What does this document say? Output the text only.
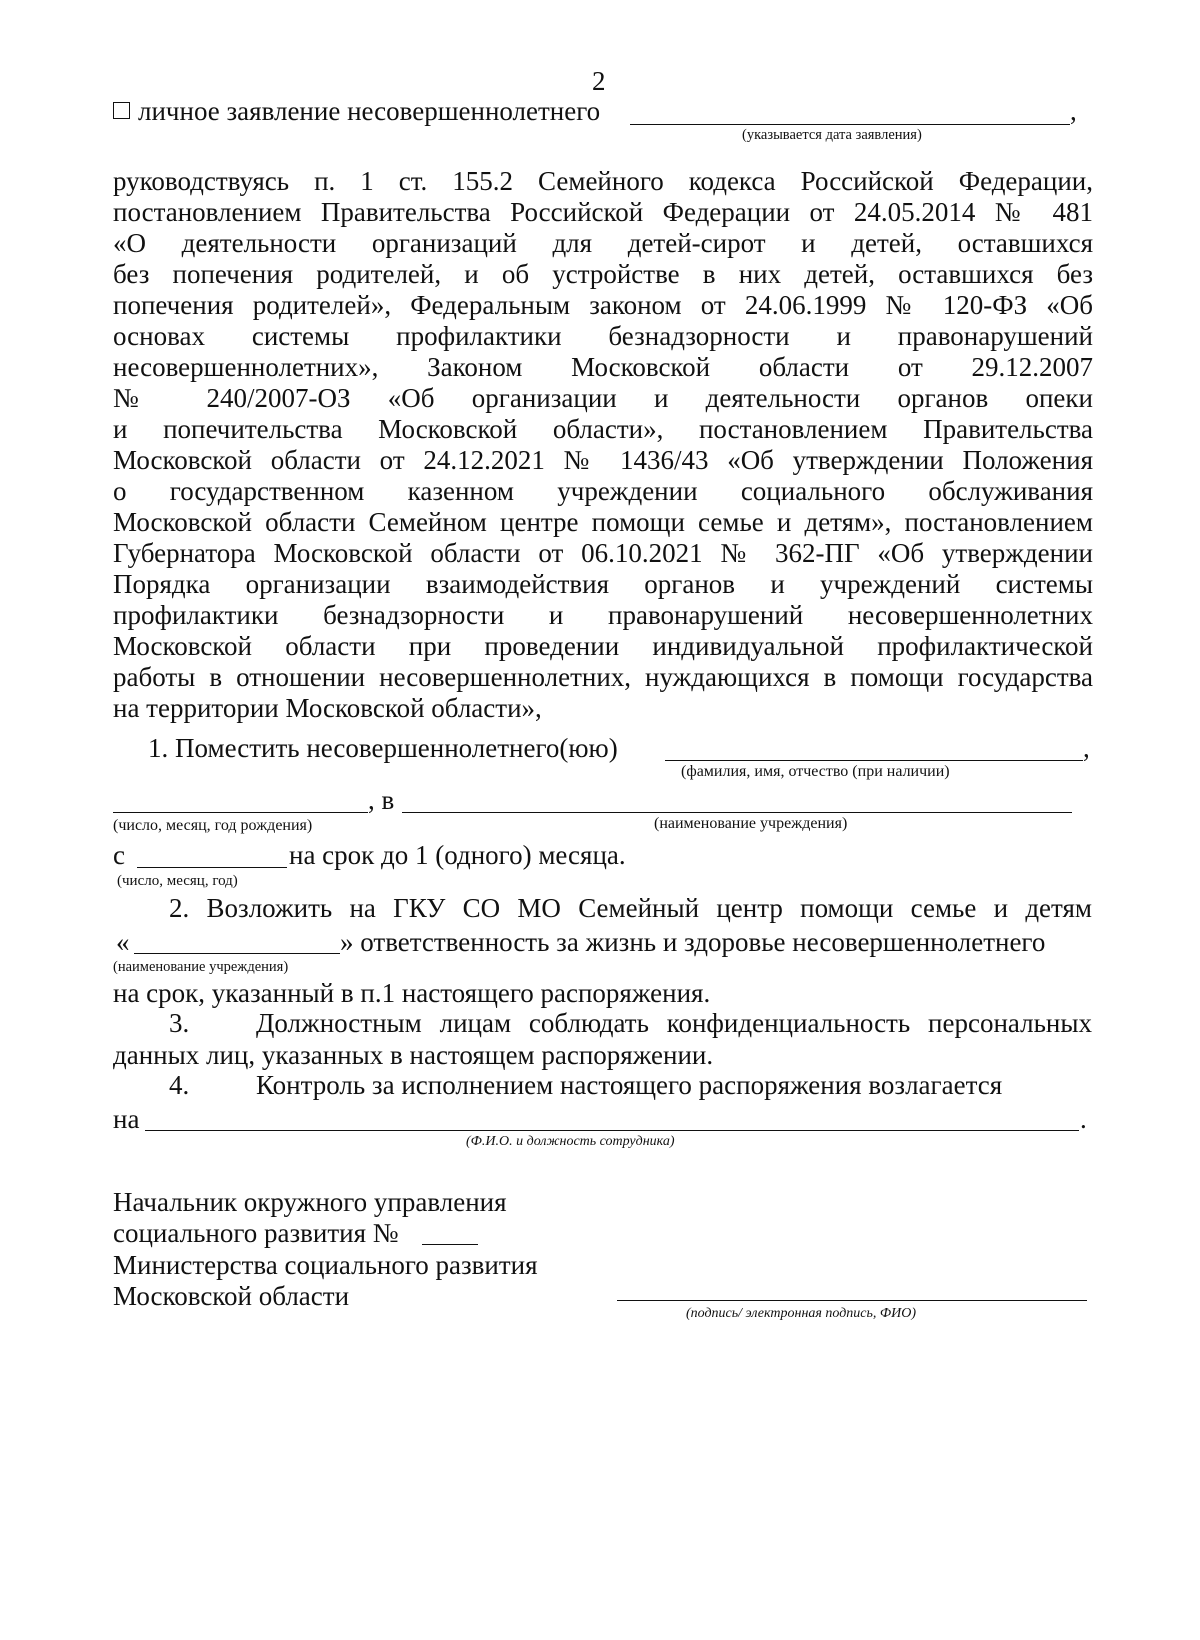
2
личное заявление несовершеннолетнего	,
(указывается дата заявления)
руководствуясь п. 1 ст. 155.2 Семейного кодекса Российской Федерации,
постановлением Правительства Российской Федерации от 24.05.2014 № 481
«О деятельности организаций для детей-сирот и детей, оставшихся
без попечения родителей, и об устройстве в них детей, оставшихся без
попечения родителей», Федеральным законом от 24.06.1999 № 120-ФЗ «Об
основах системы профилактики безнадзорности и правонарушений
несовершеннолетних», Законом Московской области от 29.12.2007
№ 240/2007-ОЗ «Об организации и деятельности органов опеки
и попечительства Московской области», постановлением Правительства
Московской области от 24.12.2021 № 1436/43 «Об утверждении Положения
о государственном казенном учреждении социального обслуживания
Московской области Семейном центре помощи семье и детям», постановлением
Губернатора Московской области от 06.10.2021 № 362-ПГ «Об утверждении
Порядка организации взаимодействия органов и учреждений системы
профилактики безнадзорности и правонарушений несовершеннолетних
Московской области при проведении индивидуальной профилактической
работы в отношении несовершеннолетних, нуждающихся в помощи государства
на территории Московской области»,
1. Поместить несовершеннолетнего(юю)	,
(фамилия, имя, отчество (при наличии)
, в
(число, месяц, год рождения)	(наименование учреждения)
с	на срок до 1 (одного) месяца.
(число, месяц, год)
2. Возложить на ГКУ СО МО Семейный центр помощи семье и детям
«	» ответственность за жизнь и здоровье несовершеннолетнего
(наименование учреждения)
на срок, указанный в п.1 настоящего распоряжения.
3. Должностным лицам соблюдать конфиденциальность персональных
данных лиц, указанных в настоящем распоряжении.
4. Контроль за исполнением настоящего распоряжения возлагается
на	.
(Ф.И.О. и должность сотрудника)
Начальник окружного управления
социального развития №
Министерства социального развития
Московской области
(подпись/ электронная подпись, ФИО)
